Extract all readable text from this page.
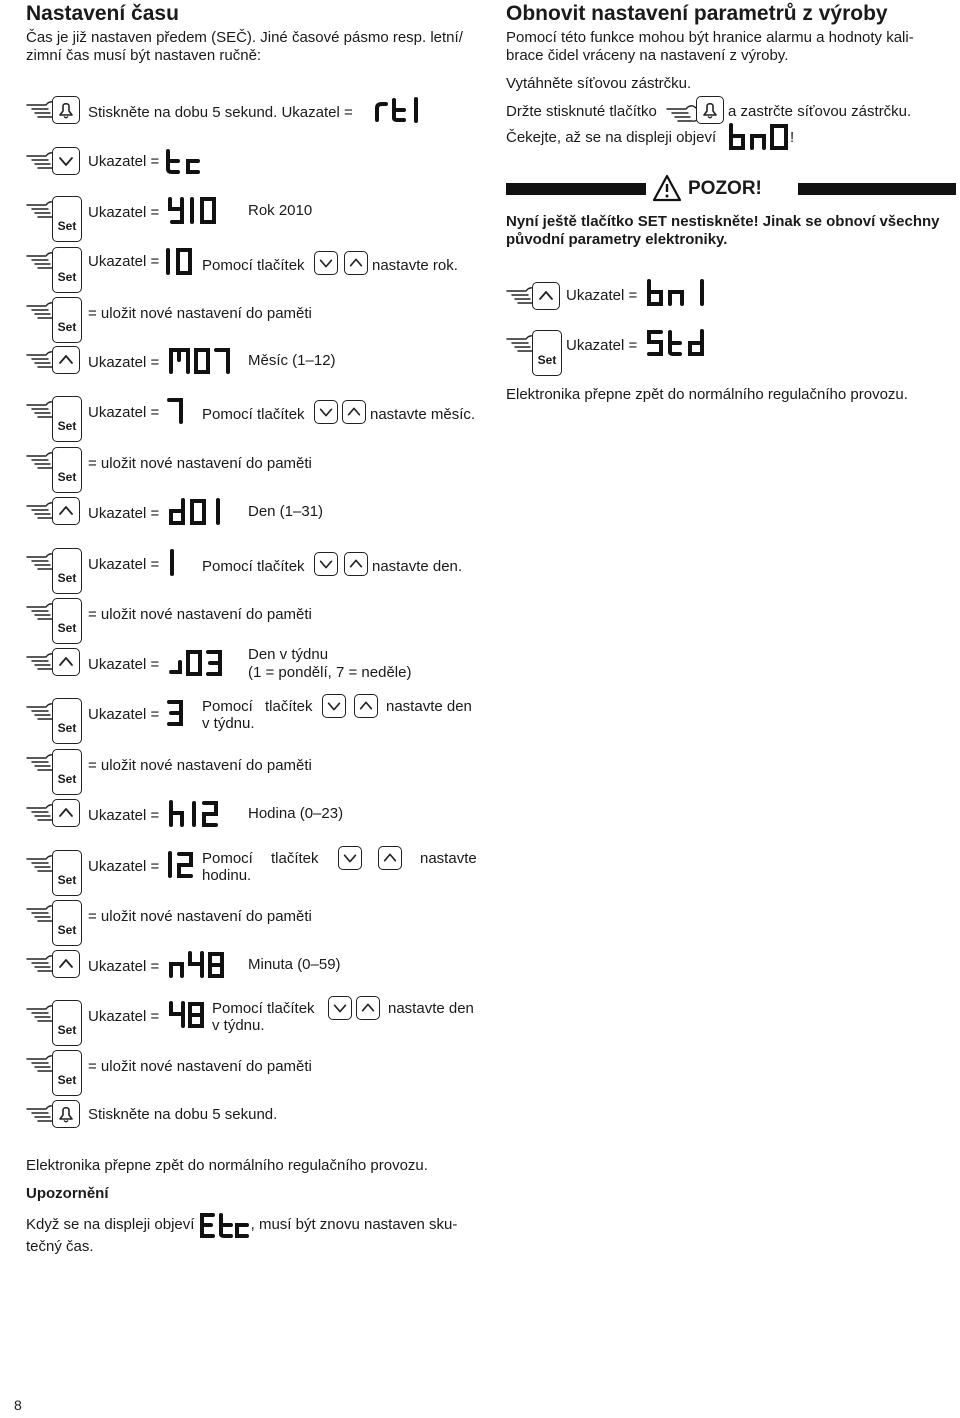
Nastavení času
Čas je již nastaven předem (SEČ). Jiné časové pásmo resp. letní/
zimní čas musí být nastaven ručně:
Stiskněte na dobu 5 sekund. Ukazatel =
Ukazatel =
Set
Ukazatel =	Rok 2010
Set
Ukazatel =	Pomocí tlačítek	nastavte rok.
Set
= uložit nové nastavení do paměti
Ukazatel =	Měsíc (1–12)
Set
Ukazatel =	Pomocí tlačítek	nastavte měsíc.
Set
= uložit nové nastavení do paměti
Ukazatel =	Den (1–31)
Set
Ukazatel =	Pomocí tlačítek	nastavte den.
Set
= uložit nové nastavení do paměti
Ukazatel =
Den v týdnu
(1 = pondělí, 7 = neděle)
Set
Ukazatel =	Pomocí tlačítek
v týdnu.
nastavte den
Set
= uložit nové nastavení do paměti
Ukazatel =	Hodina (0–23)
Set
Ukazatel =	Pomocí tlačítek
hodinu.
nastavte
Set
= uložit nové nastavení do paměti
Ukazatel =	Minuta (0–59)
Set
Ukazatel =	Pomocí tlačítek
v týdnu.
nastavte den
Set
= uložit nové nastavení do paměti
Stiskněte na dobu 5 sekund.
Elektronika přepne zpět do normálního regulačního provozu.
Upozornění
Když se na displeji objeví	, musí být znovu nastaven sku-
tečný čas.
8
Obnovit nastavení parametrů z výroby
Pomocí této funkce mohou být hranice alarmu a hodnoty kali-
brace čidel vráceny na nastavení z výroby.
Vytáhněte síťovou zástrčku.
Držte stisknuté tlačítko	a zastrčte síťovou zástrčku.
Čekejte, až se na displeji objeví	!
POZOR!
Nyní ještě tlačítko SET nestiskněte! Jinak se obnoví všechny
původní parametry elektroniky.
Ukazatel =
Set
Ukazatel =
Elektronika přepne zpět do normálního regulačního provozu.
